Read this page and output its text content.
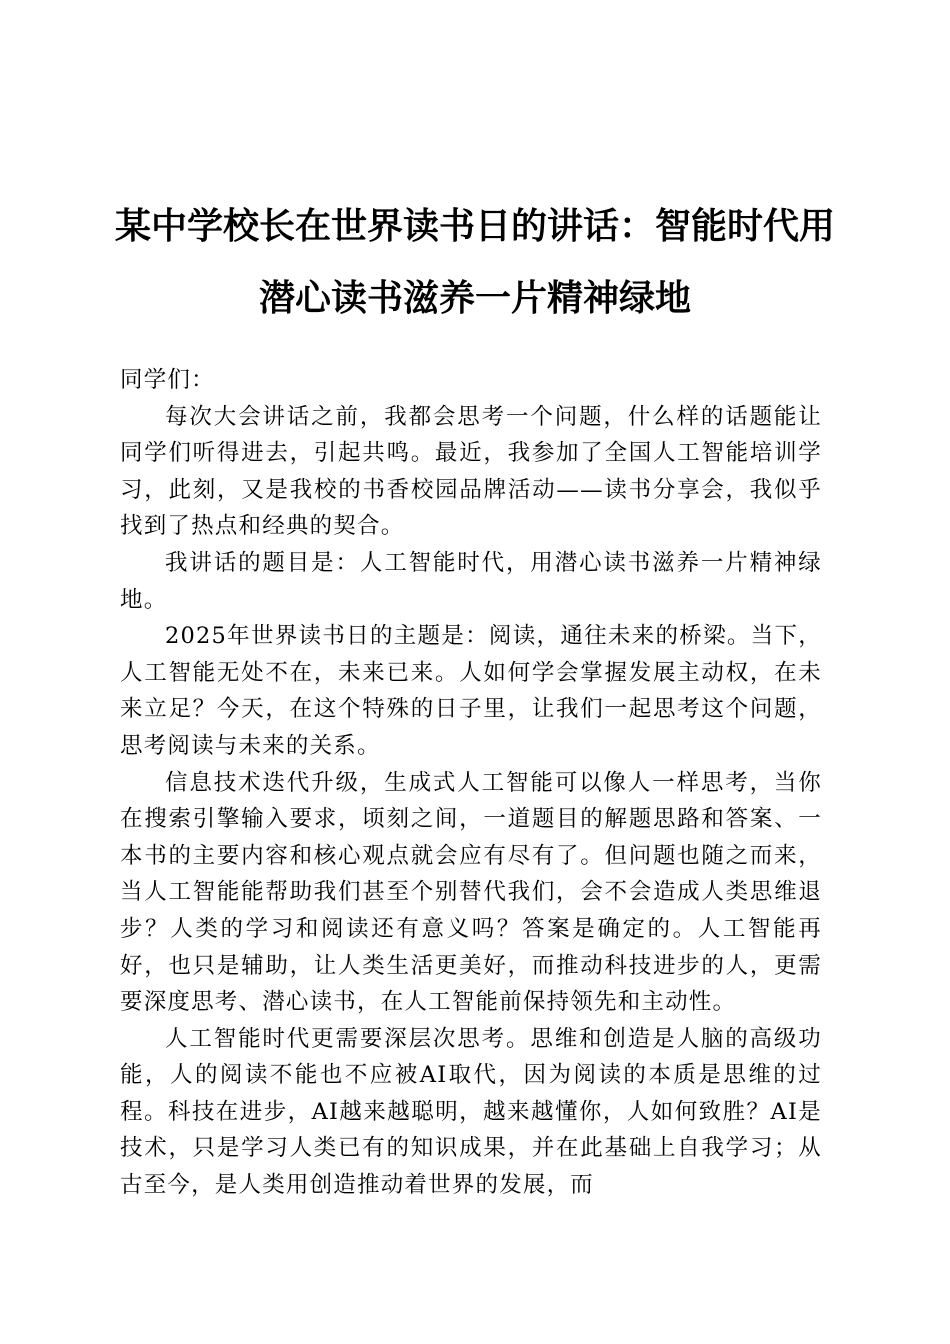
某中学校长在世界读书日的讲话：智能时代用
潜心读书滋养一片精神绿地

同学们：

每次大会讲话之前，我都会思考一个问题，什么样的话题能让同学们听得进去，引起共鸣。最近，我参加了全国人工智能培训学习，此刻，又是我校的书香校园品牌活动——读书分享会，我似乎找到了热点和经典的契合。

我讲话的题目是：人工智能时代，用潜心读书滋养一片精神绿地。

2025年世界读书日的主题是：阅读，通往未来的桥梁。当下，人工智能无处不在，未来已来。人如何学会掌握发展主动权，在未来立足？今天，在这个特殊的日子里，让我们一起思考这个问题，思考阅读与未来的关系。

信息技术迭代升级，生成式人工智能可以像人一样思考，当你在搜索引擎输入要求，顷刻之间，一道题目的解题思路和答案、一本书的主要内容和核心观点就会应有尽有了。但问题也随之而来，当人工智能能帮助我们甚至个别替代我们，会不会造成人类思维退步？人类的学习和阅读还有意义吗？答案是确定的。人工智能再好，也只是辅助，让人类生活更美好，而推动科技进步的人，更需要深度思考、潜心读书，在人工智能前保持领先和主动性。

人工智能时代更需要深层次思考。思维和创造是人脑的高级功能，人的阅读不能也不应被AI取代，因为阅读的本质是思维的过程。科技在进步，AI越来越聪明，越来越懂你，人如何致胜？AI是技术，只是学习人类已有的知识成果，并在此基础上自我学习；从古至今，是人类用创造推动着世界的发展，而
